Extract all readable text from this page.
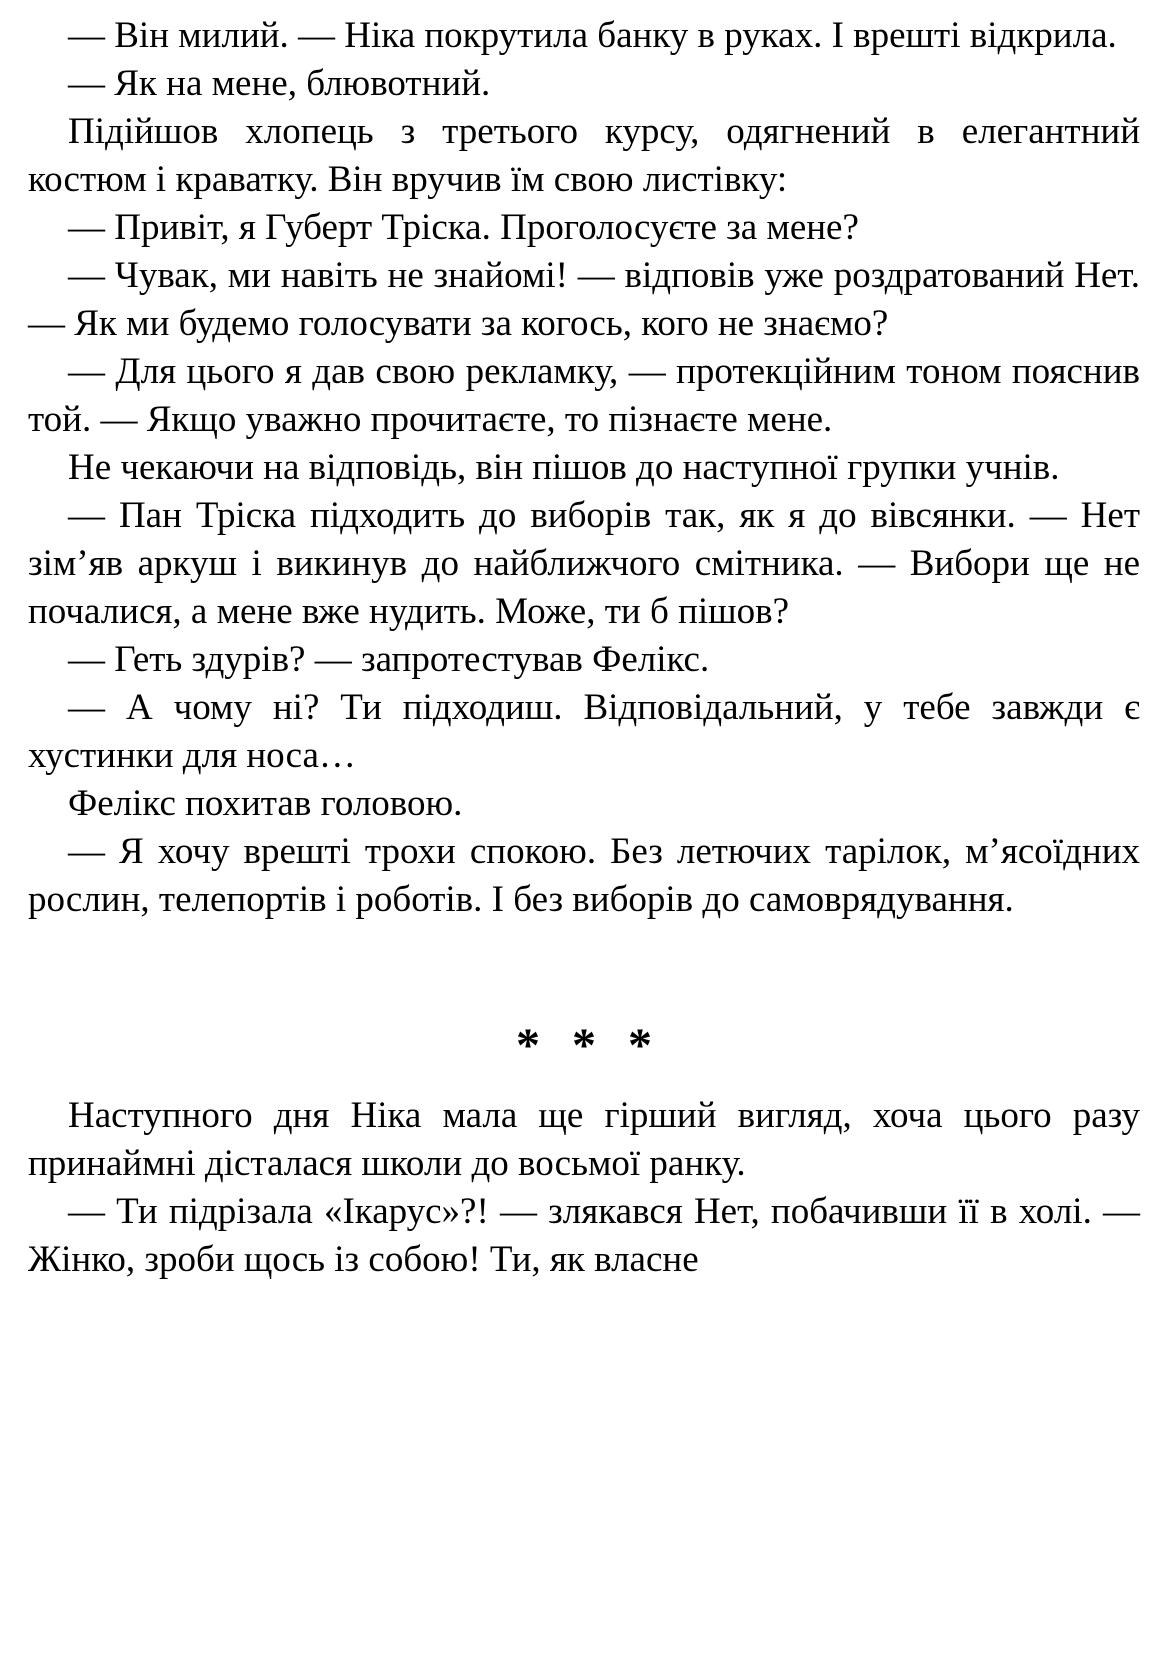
— Він милий. — Ніка покрутила банку в руках. І врешті відкрила.

— Як на мене, блювотний.

Підійшов хлопець з третього курсу, одягнений в елегантний костюм і краватку. Він вручив їм свою листівку:

— Привіт, я Губерт Тріска. Проголосуєте за мене?

— Чувак, ми навіть не знайомі! — відповів уже роздратований Нет. — Як ми будемо голосувати за когось, кого не знаємо?

— Для цього я дав свою рекламку, — протекційним тоном пояснив той. — Якщо уважно прочитаєте, то пізнаєте мене.

Не чекаючи на відповідь, він пішов до наступної групки учнів.

— Пан Тріска підходить до виборів так, як я до вівсянки. — Нет зім’яв аркуш і викинув до найближчого смітника. — Вибори ще не почалися, а мене вже нудить. Може, ти б пішов?

— Геть здурів? — запротестував Фелікс.

— А чому ні? Ти підходиш. Відповідальний, у тебе завжди є хустинки для носа…

Фелікс похитав головою.

— Я хочу врешті трохи спокою. Без летючих тарілок, м’ясоїдних рослин, телепортів і роботів. І без виборів до самоврядування.

* * *

Наступного дня Ніка мала ще гірший вигляд, хоча цього разу принаймні дісталася школи до восьмої ранку.

— Ти підрізала «Ікарус»?! — злякався Нет, побачивши її в холі. — Жінко, зроби щось із собою! Ти, як власне
